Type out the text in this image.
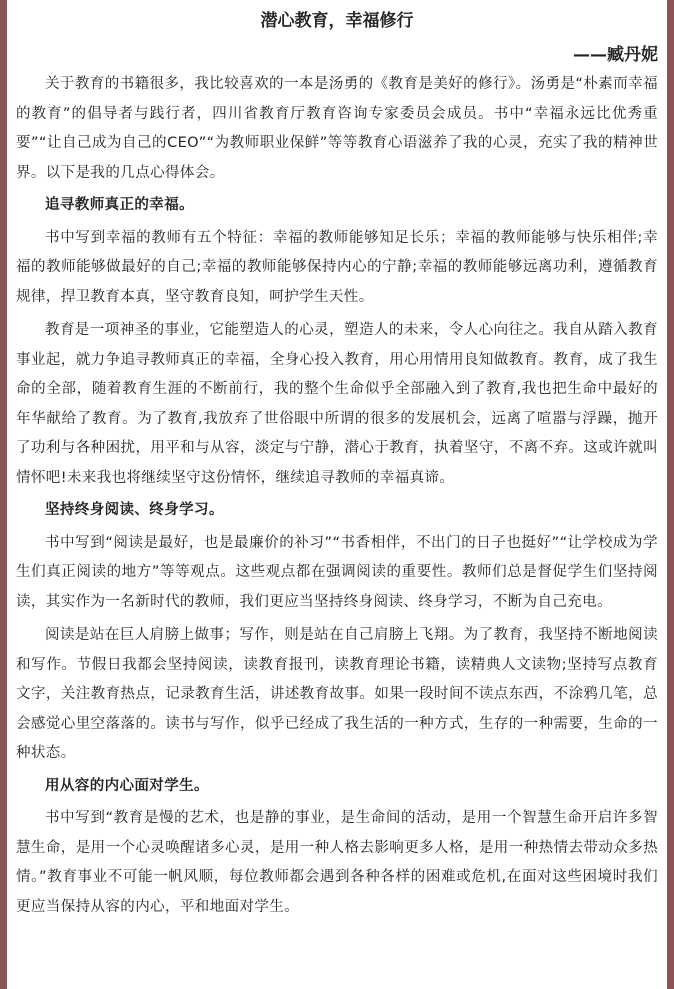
潜心教育，幸福修行
——臧丹妮

关于教育的书籍很多，我比较喜欢的一本是汤勇的《教育是美好的修行》。汤勇是“朴素而幸福的教育”的倡导者与践行者，四川省教育厅教育咨询专家委员会成员。书中“幸福永远比优秀重要”“让自己成为自己的CEO”“为教师职业保鲜”等等教育心语滋养了我的心灵，充实了我的精神世界。以下是我的几点心得体会。

追寻教师真正的幸福。

书中写到幸福的教师有五个特征：幸福的教师能够知足长乐；幸福的教师能够与快乐相伴;幸福的教师能够做最好的自己;幸福的教师能够保持内心的宁静;幸福的教师能够远离功利，遵循教育规律，捍卫教育本真，坚守教育良知，呵护学生天性。

教育是一项神圣的事业，它能塑造人的心灵，塑造人的未来，令人心向往之。我自从踏入教育事业起，就力争追寻教师真正的幸福，全身心投入教育，用心用情用良知做教育。教育，成了我生命的全部，随着教育生涯的不断前行，我的整个生命似乎全部融入到了教育,我也把生命中最好的年华献给了教育。为了教育,我放弃了世俗眼中所谓的很多的发展机会，远离了喧嚣与浮躁，抛开了功利与各种困扰，用平和与从容，淡定与宁静，潜心于教育，执着坚守，不离不弃。这或许就叫情怀吧!未来我也将继续坚守这份情怀，继续追寻教师的幸福真谛。

坚持终身阅读、终身学习。

书中写到“阅读是最好，也是最廉价的补习”“书香相伴，不出门的日子也挺好”“让学校成为学生们真正阅读的地方”等等观点。这些观点都在强调阅读的重要性。教师们总是督促学生们坚持阅读，其实作为一名新时代的教师，我们更应当坚持终身阅读、终身学习，不断为自己充电。

阅读是站在巨人肩膀上做事；写作，则是站在自己肩膀上飞翔。为了教育，我坚持不断地阅读和写作。节假日我都会坚持阅读，读教育报刊，读教育理论书籍，读精典人文读物;坚持写点教育文字，关注教育热点，记录教育生活，讲述教育故事。如果一段时间不读点东西，不涂鸦几笔，总会感觉心里空落落的。读书与写作，似乎已经成了我生活的一种方式，生存的一种需要，生命的一种状态。

用从容的内心面对学生。

书中写到“教育是慢的艺术，也是静的事业，是生命间的活动，是用一个智慧生命开启许多智慧生命，是用一个心灵唤醒诸多心灵，是用一种人格去影响更多人格，是用一种热情去带动众多热情。”教育事业不可能一帆风顺，每位教师都会遇到各种各样的困难或危机,在面对这些困境时我们更应当保持从容的内心，平和地面对学生。
